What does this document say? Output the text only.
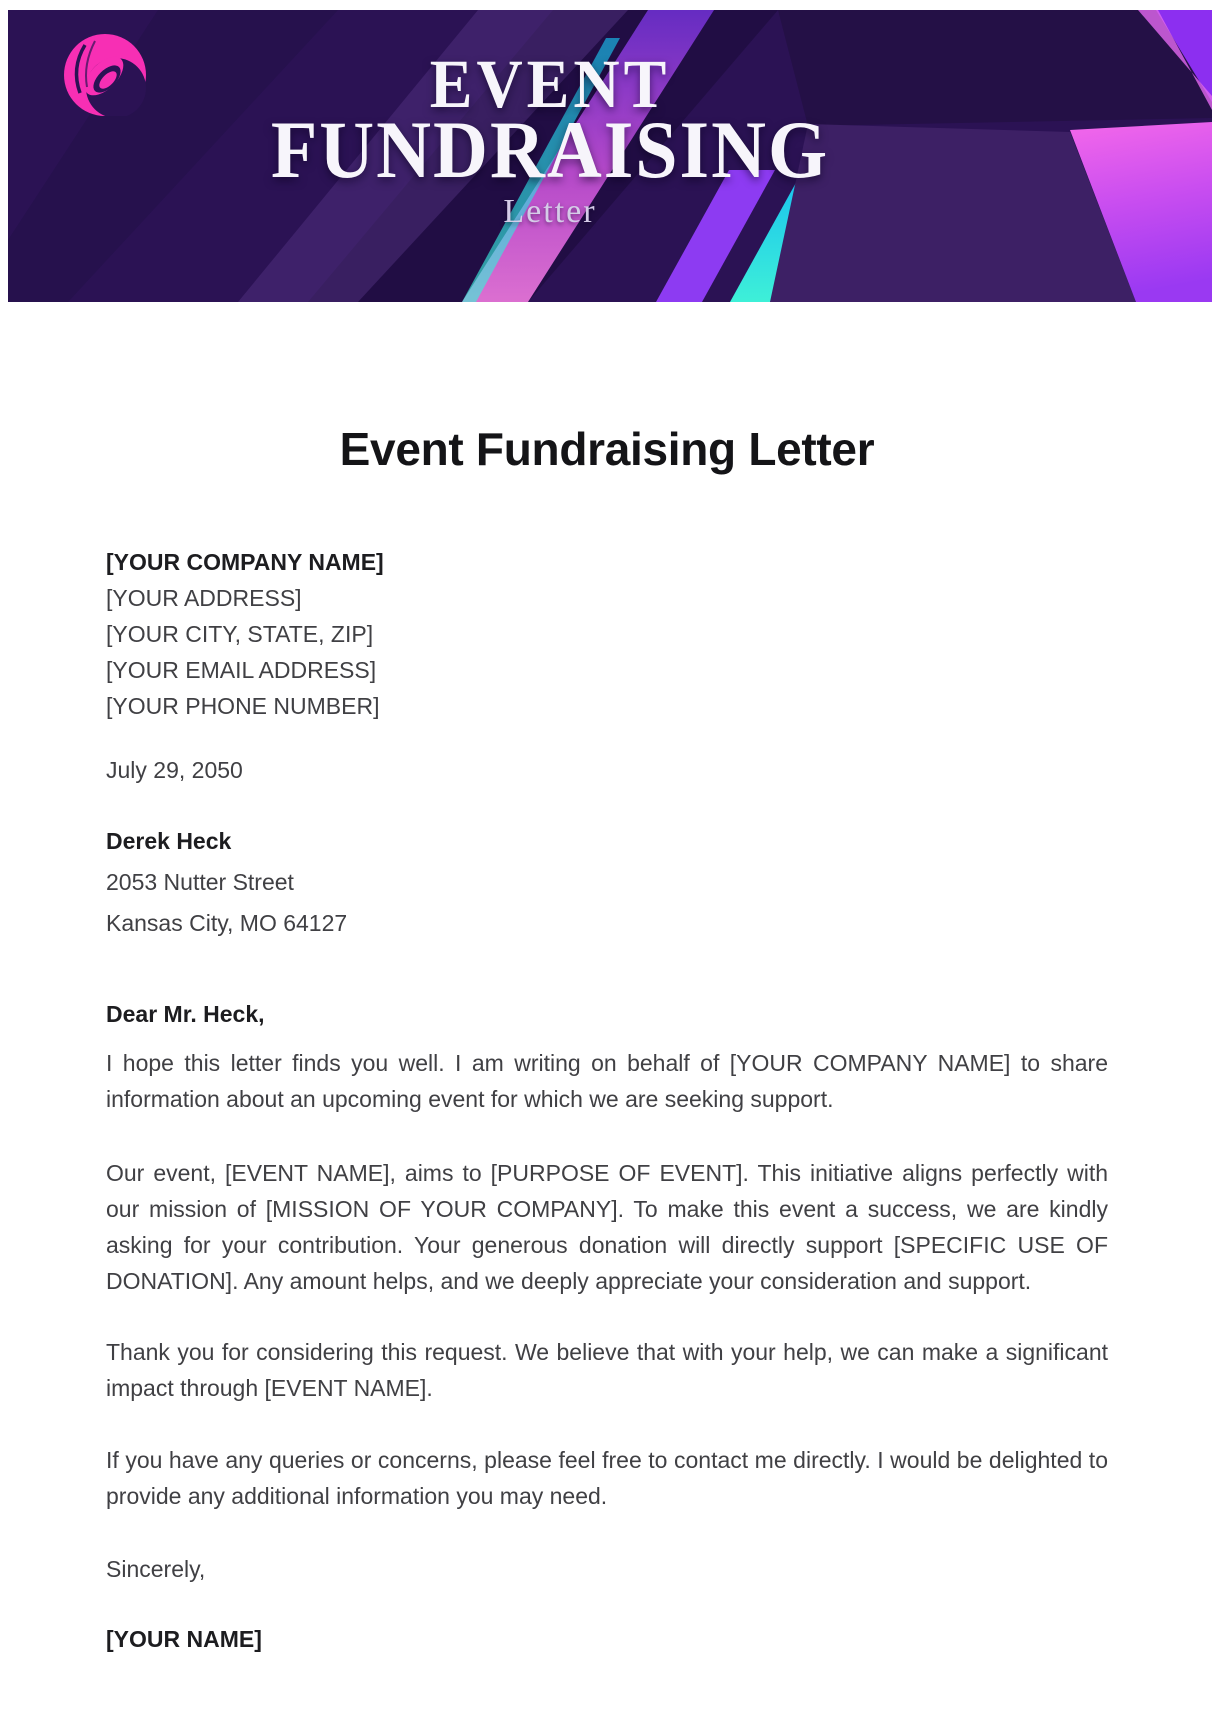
EVENT
FUNDRAISING
Letter
Event Fundraising Letter
[YOUR COMPANY NAME]
[YOUR ADDRESS]
[YOUR CITY, STATE, ZIP]
[YOUR EMAIL ADDRESS]
[YOUR PHONE NUMBER]
July 29, 2050
Derek Heck
2053 Nutter Street
Kansas City, MO 64127
Dear Mr. Heck,

I hope this letter finds you well. I am writing on behalf of [YOUR COMPANY NAME] to share information about an upcoming event for which we are seeking support.

Our event, [EVENT NAME], aims to [PURPOSE OF EVENT]. This initiative aligns perfectly with our mission of [MISSION OF YOUR COMPANY]. To make this event a success, we are kindly asking for your contribution. Your generous donation will directly support [SPECIFIC USE OF DONATION]. Any amount helps, and we deeply appreciate your consideration and support.

Thank you for considering this request. We believe that with your help, we can make a significant impact through [EVENT NAME].

If you have any queries or concerns, please feel free to contact me directly. I would be delighted to provide any additional information you may need.

Sincerely,
[YOUR NAME]
